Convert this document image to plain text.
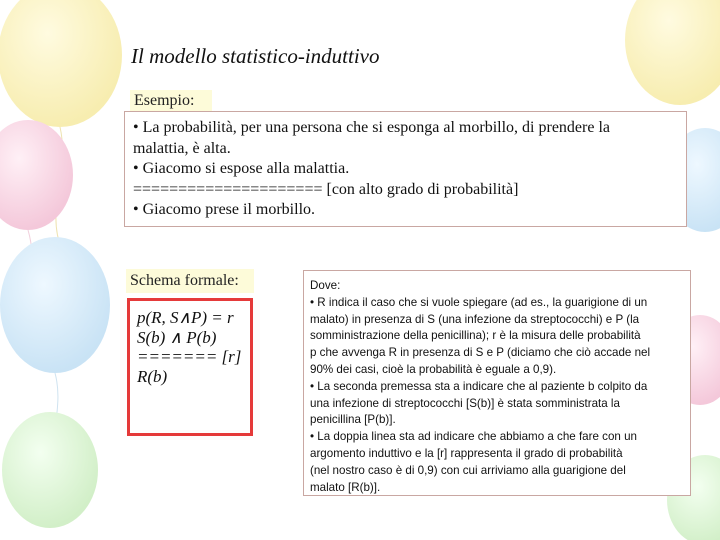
Il modello statistico-induttivo
Esempio:
• La probabilità, per una persona che si esponga al morbillo, di prendere la
malattia, è alta.
• Giacomo si espose alla malattia.
===================== [con alto grado di probabilità]
• Giacomo prese il morbillo.
Schema formale:
p(R, S∧P) = r
S(b) ∧ P(b)
======= [r]
R(b)
Dove:
• R indica il caso che si vuole spiegare (ad es., la guarigione di un
malato) in presenza di S (una infezione da streptococchi) e P (la
somministrazione della penicillina); r è la misura delle probabilità
p che avvenga R in presenza di S e P (diciamo che ciò accade nel
90% dei casi, cioè la probabilità è eguale a 0,9).
• La seconda premessa sta a indicare che al paziente b colpito da
una infezione di streptococchi [S(b)] è stata somministrata la
penicillina [P(b)].
• La doppia linea sta ad indicare che abbiamo a che fare con un
argomento induttivo e la [r] rappresenta il grado di probabilità
(nel nostro caso è di 0,9) con cui arriviamo alla guarigione del
malato [R(b)].
